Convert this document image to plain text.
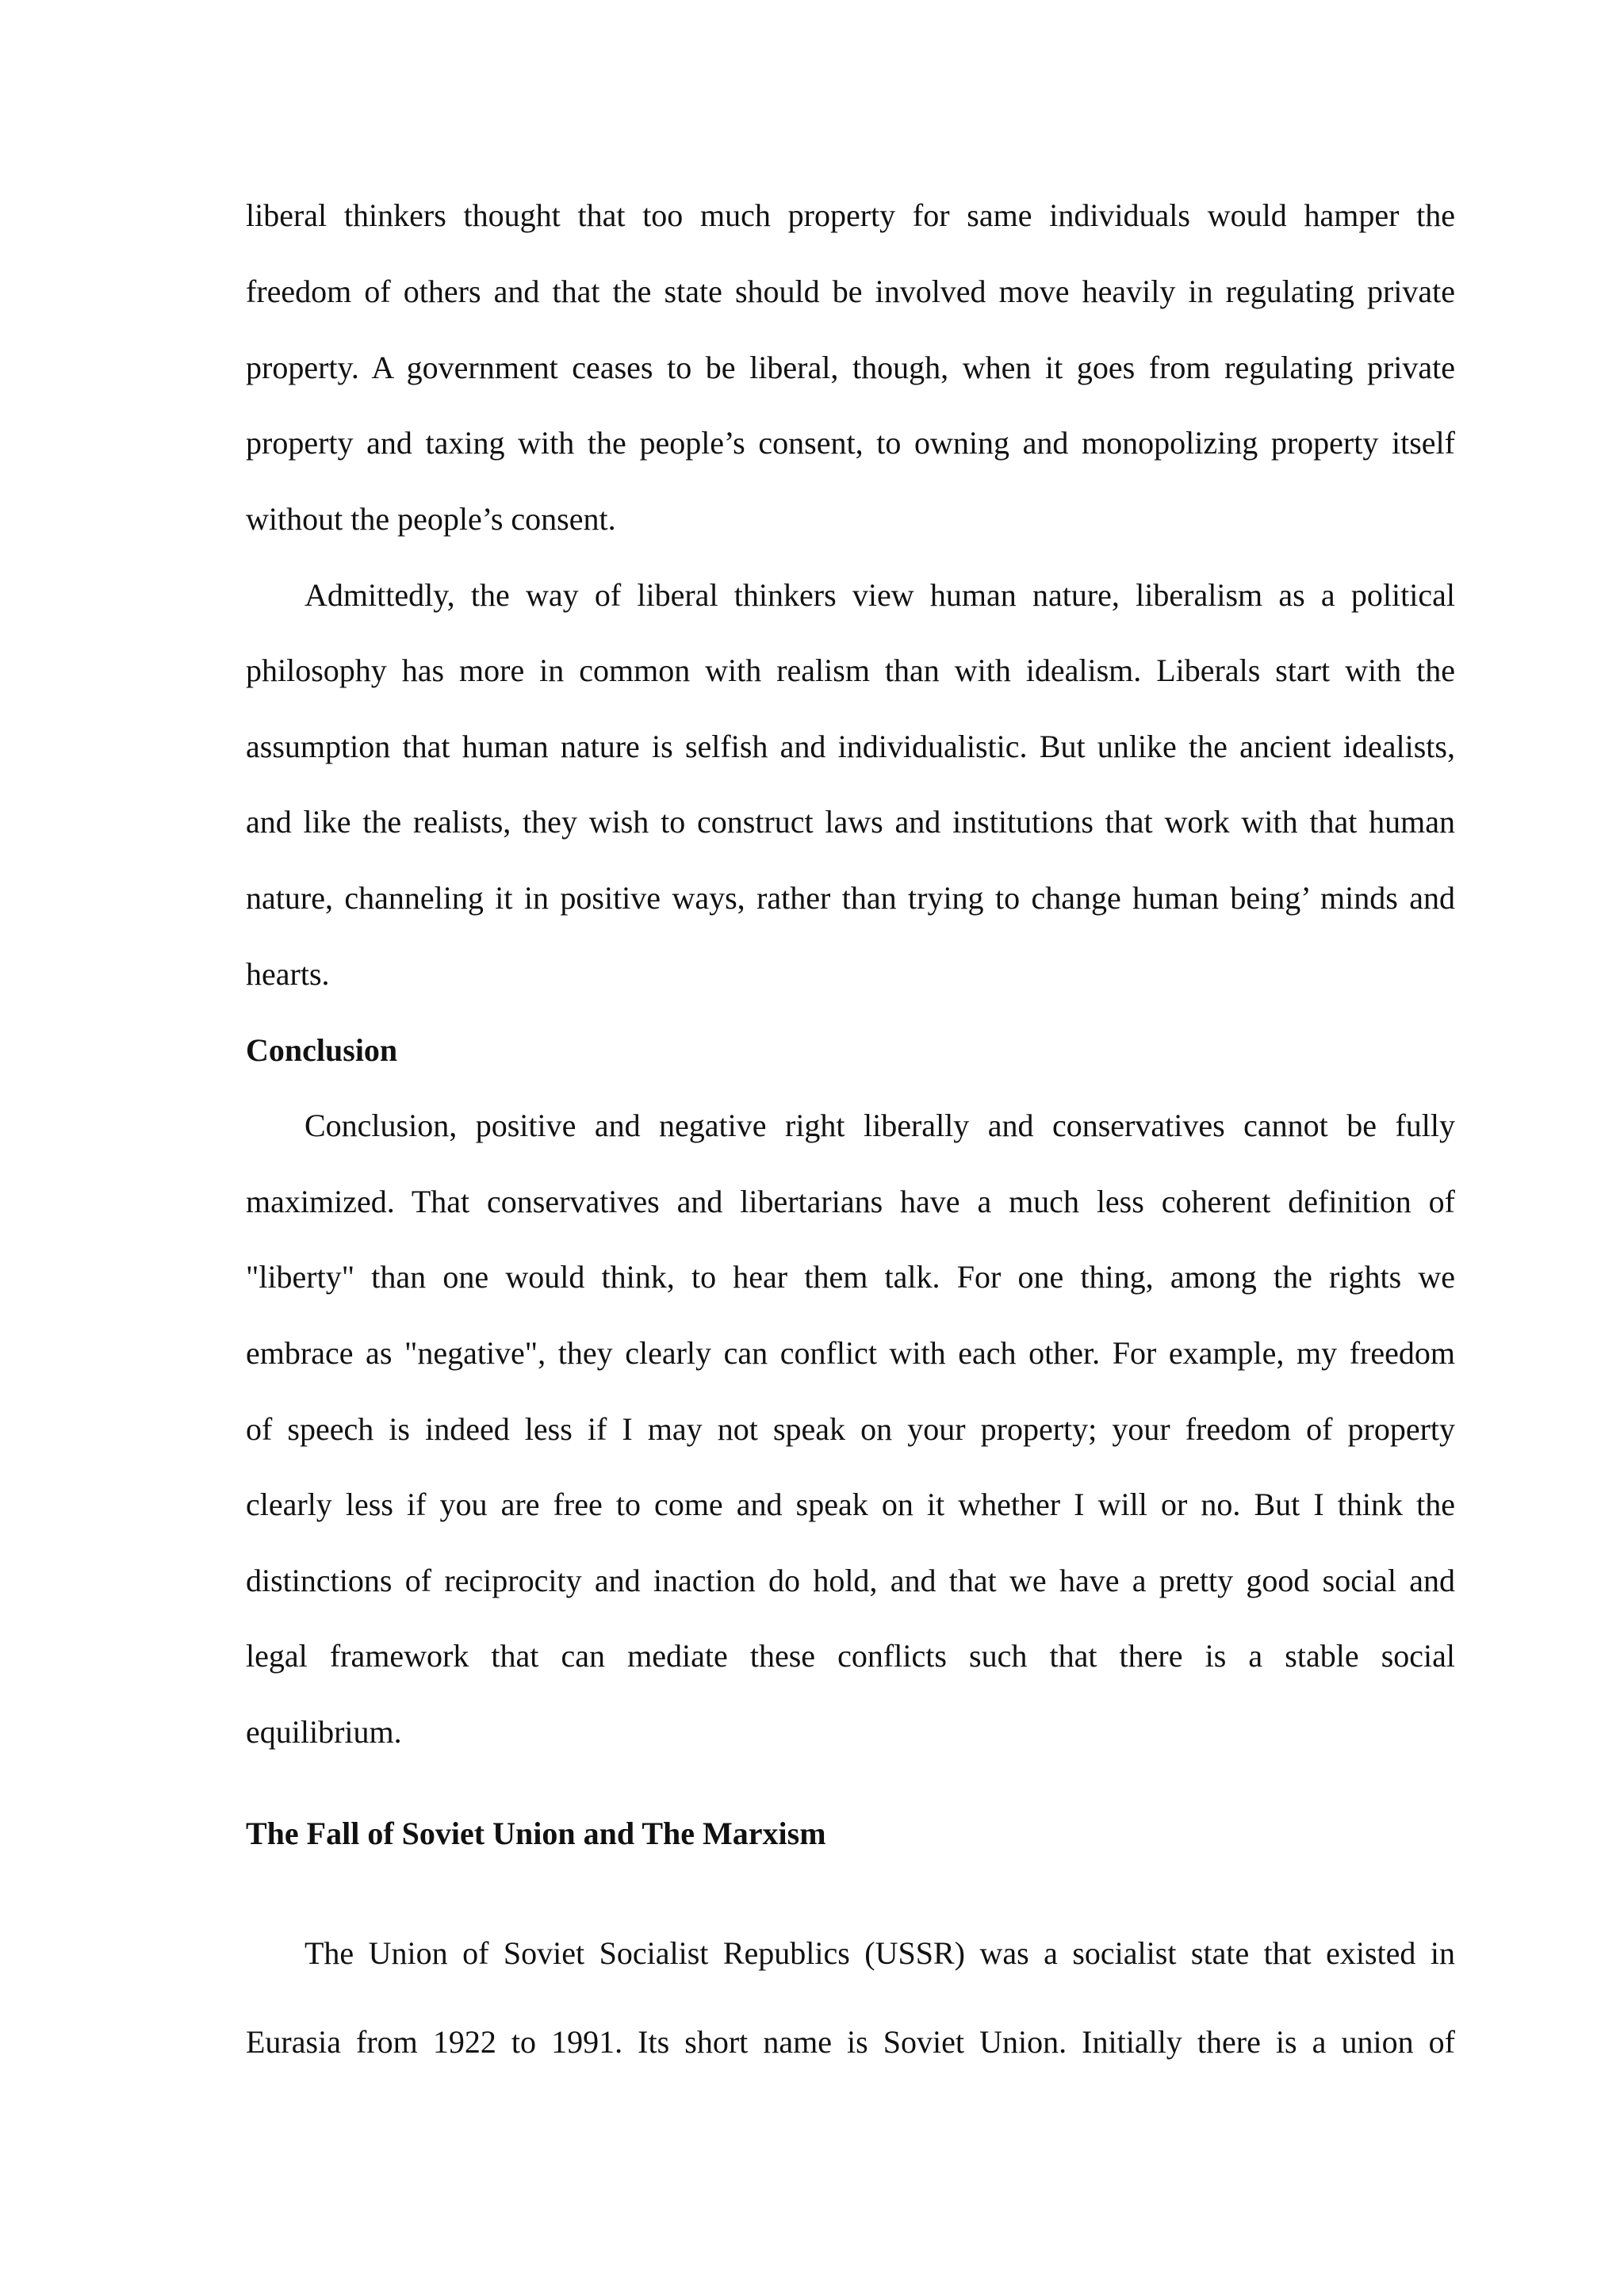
liberal thinkers thought that too much property for same individuals would hamper the
freedom of others and that the state should be involved move heavily in regulating private
property. A government ceases to be liberal, though, when it goes from regulating private
property and taxing with the people’s consent, to owning and monopolizing property itself
without the people’s consent.
Admittedly, the way of liberal thinkers view human nature, liberalism as a political
philosophy has more in common with realism than with idealism. Liberals start with the
assumption that human nature is selfish and individualistic. But unlike the ancient idealists,
and like the realists, they wish to construct laws and institutions that work with that human
nature, channeling it in positive ways, rather than trying to change human being’ minds and
hearts.
Conclusion
Conclusion, positive and negative right liberally and conservatives cannot be fully
maximized. That conservatives and libertarians have a much less coherent definition of
"liberty" than one would think, to hear them talk. For one thing, among the rights we
embrace as "negative", they clearly can conflict with each other. For example, my freedom
of speech is indeed less if I may not speak on your property; your freedom of property
clearly less if you are free to come and speak on it whether I will or no. But I think the
distinctions of reciprocity and inaction do hold, and that we have a pretty good social and
legal framework that can mediate these conflicts such that there is a stable social
equilibrium.
The Fall of Soviet Union and The Marxism
The Union of Soviet Socialist Republics (USSR) was a socialist state that existed in
Eurasia from 1922 to 1991. Its short name is Soviet Union. Initially there is a union of
